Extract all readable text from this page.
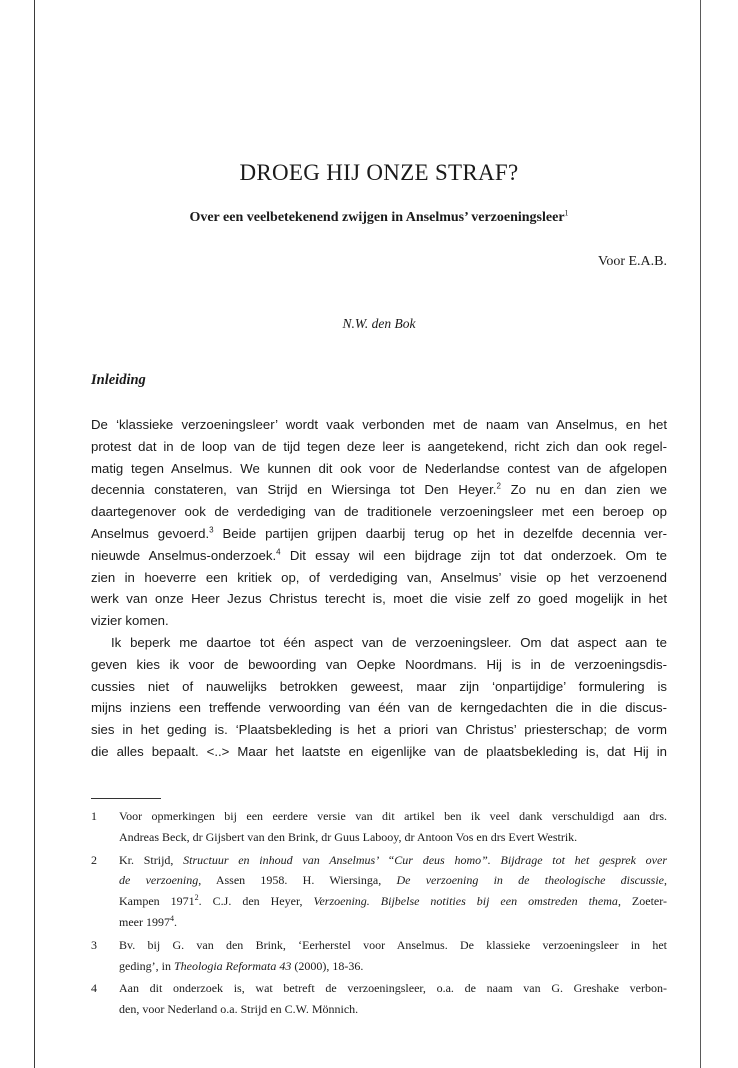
DROEG HIJ ONZE STRAF?
Over een veelbetekenend zwijgen in Anselmus’ verzoeningsleer$^1$
Voor E.A.B.
N.W. den Bok
Inleiding
De ‘klassieke verzoeningsleer’ wordt vaak verbonden met de naam van Anselmus, en het
protest dat in de loop van de tijd tegen deze leer is aangetekend, richt zich dan ook regel-
matig tegen Anselmus. We kunnen dit ook voor de Nederlandse contest van de afgelopen
decennia constateren, van Strijd en Wiersinga tot Den Heyer.$^2$ Zo nu en dan zien we
daartegenover ook de verdediging van de traditionele verzoeningsleer met een beroep op
Anselmus gevoerd.$^3$ Beide partijen grijpen daarbij terug op het in dezelfde decennia ver-
nieuwde Anselmus-onderzoek.$^4$ Dit essay wil een bijdrage zijn tot dat onderzoek. Om te
zien in hoeverre een kritiek op, of verdediging van, Anselmus’ visie op het verzoenend
werk van onze Heer Jezus Christus terecht is, moet die visie zelf zo goed mogelijk in het
vizier komen.
Ik beperk me daartoe tot één aspect van de verzoeningsleer. Om dat aspect aan te
geven kies ik voor de bewoording van Oepke Noordmans. Hij is in de verzoeningsdis-
cussies niet of nauwelijks betrokken geweest, maar zijn ‘onpartijdige’ formulering is
mijns inziens een treffende verwoording van één van de kerngedachten die in die discus-
sies in het geding is. ‘Plaatsbekleding is het a priori van Christus’ priesterschap; de vorm
die alles bepaalt. <..> Maar het laatste en eigenlijke van de plaatsbekleding is, dat Hij in
1 Voor opmerkingen bij een eerdere versie van dit artikel ben ik veel dank verschuldigd aan drs.
Andreas Beck, dr Gijsbert van den Brink, dr Guus Labooy, dr Antoon Vos en drs Evert Westrik.
2 Kr. Strijd, Structuur en inhoud van Anselmus’ “Cur deus homo”. Bijdrage tot het gesprek over
de verzoening, Assen 1958. H. Wiersinga, De verzoening in de theologische discussie,
Kampen 1971$^2$. C.J. den Heyer, Verzoening. Bijbelse notities bij een omstreden thema, Zoeter-
meer 1997$^4$.
3 Bv. bij G. van den Brink, ‘Eerherstel voor Anselmus. De klassieke verzoeningsleer in het
geding’, in Theologia Reformata 43 (2000), 18-36.
4 Aan dit onderzoek is, wat betreft de verzoeningsleer, o.a. de naam van G. Greshake verbon-
den, voor Nederland o.a. Strijd en C.W. Mönnich.
